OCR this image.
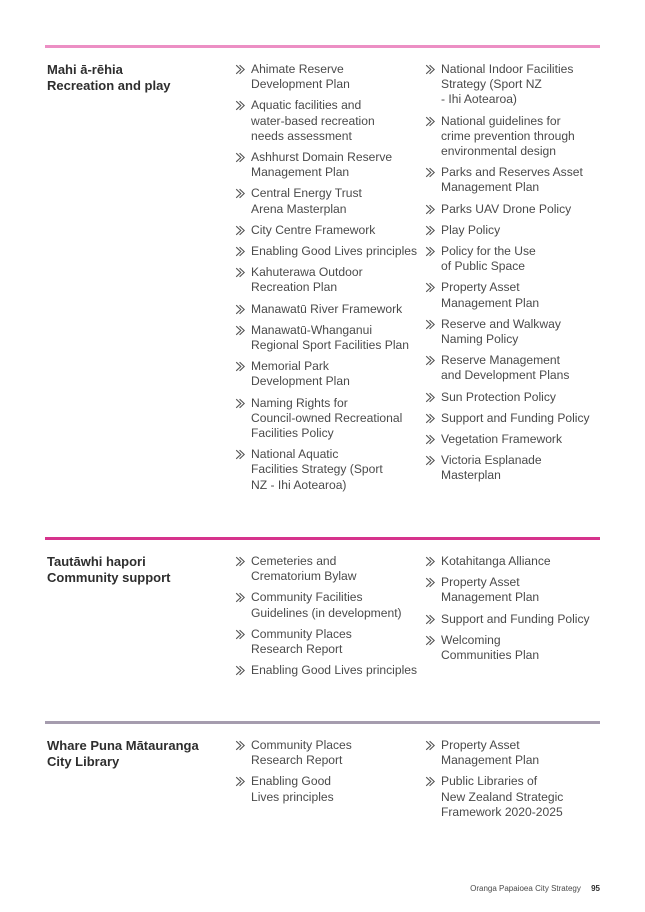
Mahi ā-rēhia
Recreation and play
Ahimate Reserve
Development Plan
Aquatic facilities and
water-based recreation
needs assessment
Ashhurst Domain Reserve
Management Plan
Central Energy Trust
Arena Masterplan
City Centre Framework
Enabling Good Lives principles
Kahuterawa Outdoor
Recreation Plan
Manawatū River Framework
Manawatū-Whanganui
Regional Sport Facilities Plan
Memorial Park
Development Plan
Naming Rights for
Council-owned Recreational
Facilities Policy
National Aquatic
Facilities Strategy (Sport
NZ - Ihi Aotearoa)
National Indoor Facilities
Strategy (Sport NZ
- Ihi Aotearoa)
National guidelines for
crime prevention through
environmental design
Parks and Reserves Asset
Management Plan
Parks UAV Drone Policy
Play Policy
Policy for the Use
of Public Space
Property Asset
Management Plan
Reserve and Walkway
Naming Policy
Reserve Management
and Development Plans
Sun Protection Policy
Support and Funding Policy
Vegetation Framework
Victoria Esplanade
Masterplan
Tautāwhi hapori
Community support
Cemeteries and
Crematorium Bylaw
Community Facilities
Guidelines (in development)
Community Places
Research Report
Enabling Good Lives principles
Kotahitanga Alliance
Property Asset
Management Plan
Support and Funding Policy
Welcoming
Communities Plan
Whare Puna Mātauranga
City Library
Community Places
Research Report
Enabling Good
Lives principles
Property Asset
Management Plan
Public Libraries of
New Zealand Strategic
Framework 2020-2025
Oranga Papaioea City Strategy 95
